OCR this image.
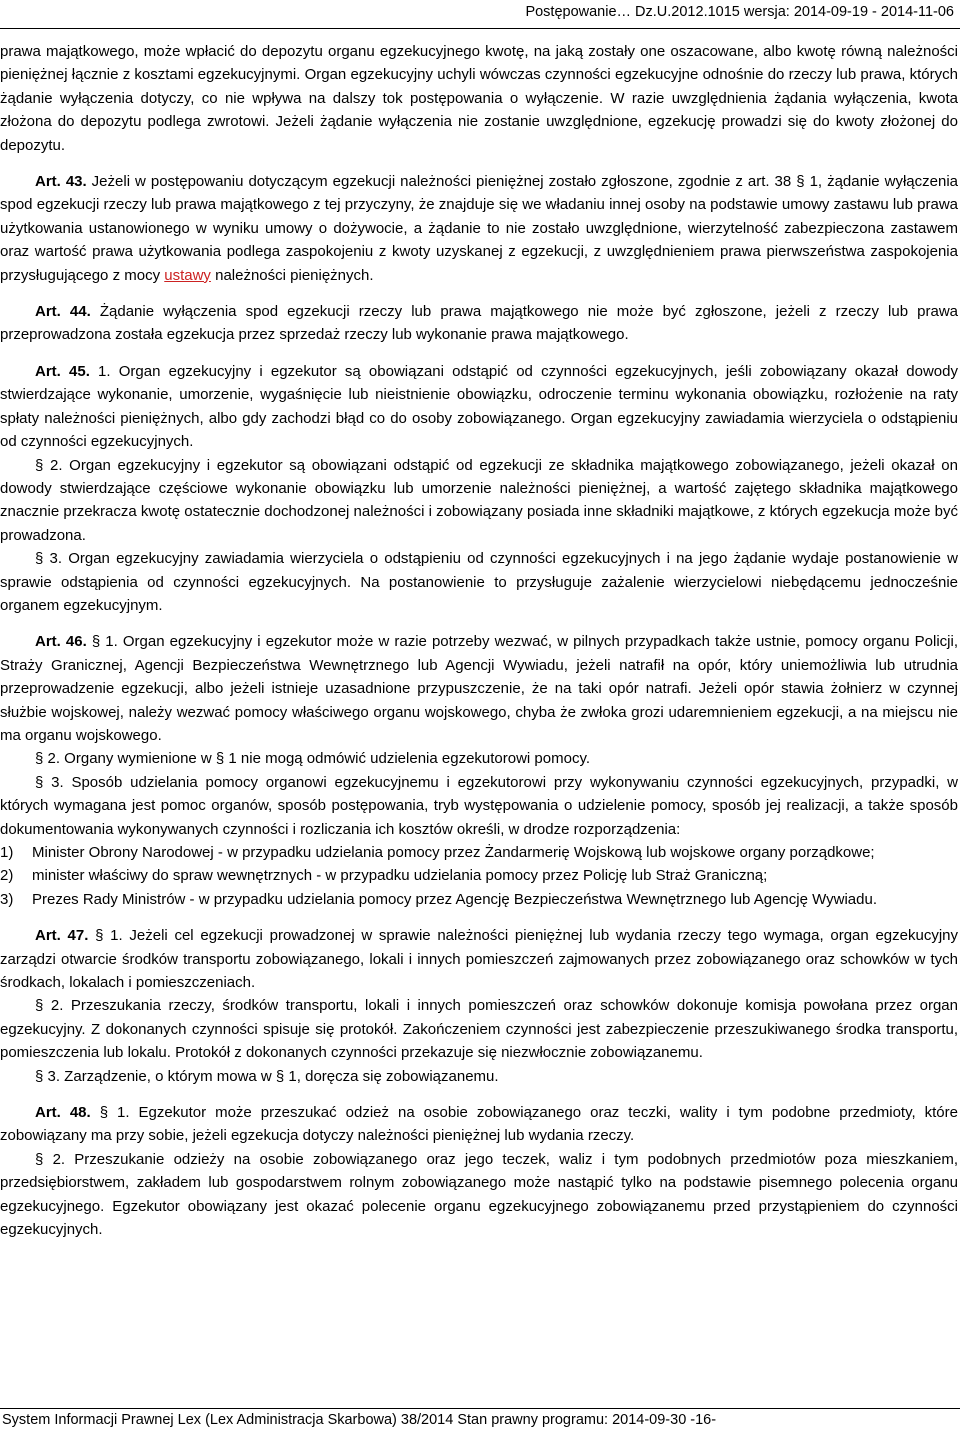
Postępowanie… Dz.U.2012.1015 wersja: 2014-09-19 - 2014-11-06

prawa majątkowego, może wpłacić do depozytu organu egzekucyjnego kwotę, na jaką zostały one oszacowane, albo kwotę równą należności pieniężnej łącznie z kosztami egzekucyjnymi. Organ egzekucyjny uchyli wówczas czynności egzekucyjne odnośnie do rzeczy lub prawa, których żądanie wyłączenia dotyczy, co nie wpływa na dalszy tok postępowania o wyłączenie. W razie uwzględnienia żądania wyłączenia, kwota złożona do depozytu podlega zwrotowi. Jeżeli żądanie wyłączenia nie zostanie uwzględnione, egzekucję prowadzi się do kwoty złożonej do depozytu.

Art. 43. Jeżeli w postępowaniu dotyczącym egzekucji należności pieniężnej zostało zgłoszone, zgodnie z art. 38 § 1, żądanie wyłączenia spod egzekucji rzeczy lub prawa majątkowego z tej przyczyny, że znajduje się we władaniu innej osoby na podstawie umowy zastawu lub prawa użytkowania ustanowionego w wyniku umowy o dożywocie, a żądanie to nie zostało uwzględnione, wierzytelność zabezpieczona zastawem oraz wartość prawa użytkowania podlega zaspokojeniu z kwoty uzyskanej z egzekucji, z uwzględnieniem prawa pierwszeństwa zaspokojenia przysługującego z mocy ustawy należności pieniężnych.

Art. 44. Żądanie wyłączenia spod egzekucji rzeczy lub prawa majątkowego nie może być zgłoszone, jeżeli z rzeczy lub prawa przeprowadzona została egzekucja przez sprzedaż rzeczy lub wykonanie prawa majątkowego.

Art. 45. 1. Organ egzekucyjny i egzekutor są obowiązani odstąpić od czynności egzekucyjnych, jeśli zobowiązany okazał dowody stwierdzające wykonanie, umorzenie, wygaśnięcie lub nieistnienie obowiązku, odroczenie terminu wykonania obowiązku, rozłożenie na raty spłaty należności pieniężnych, albo gdy zachodzi błąd co do osoby zobowiązanego. Organ egzekucyjny zawiadamia wierzyciela o odstąpieniu od czynności egzekucyjnych.

§ 2. Organ egzekucyjny i egzekutor są obowiązani odstąpić od egzekucji ze składnika majątkowego zobowiązanego, jeżeli okazał on dowody stwierdzające częściowe wykonanie obowiązku lub umorzenie należności pieniężnej, a wartość zajętego składnika majątkowego znacznie przekracza kwotę ostatecznie dochodzonej należności i zobowiązany posiada inne składniki majątkowe, z których egzekucja może być prowadzona.

§ 3. Organ egzekucyjny zawiadamia wierzyciela o odstąpieniu od czynności egzekucyjnych i na jego żądanie wydaje postanowienie w sprawie odstąpienia od czynności egzekucyjnych. Na postanowienie to przysługuje zażalenie wierzycielowi niebędącemu jednocześnie organem egzekucyjnym.

Art. 46. § 1. Organ egzekucyjny i egzekutor może w razie potrzeby wezwać, w pilnych przypadkach także ustnie, pomocy organu Policji, Straży Granicznej, Agencji Bezpieczeństwa Wewnętrznego lub Agencji Wywiadu, jeżeli natrafił na opór, który uniemożliwia lub utrudnia przeprowadzenie egzekucji, albo jeżeli istnieje uzasadnione przypuszczenie, że na taki opór natrafi. Jeżeli opór stawia żołnierz w czynnej służbie wojskowej, należy wezwać pomocy właściwego organu wojskowego, chyba że zwłoka grozi udaremnieniem egzekucji, a na miejscu nie ma organu wojskowego.

§ 2. Organy wymienione w § 1 nie mogą odmówić udzielenia egzekutorowi pomocy.

§ 3. Sposób udzielania pomocy organowi egzekucyjnemu i egzekutorowi przy wykonywaniu czynności egzekucyjnych, przypadki, w których wymagana jest pomoc organów, sposób postępowania, tryb występowania o udzielenie pomocy, sposób jej realizacji, a także sposób dokumentowania wykonywanych czynności i rozliczania ich kosztów określi, w drodze rozporządzenia:

1)	Minister Obrony Narodowej - w przypadku udzielania pomocy przez Żandarmerię Wojskową lub wojskowe organy porządkowe;
2)	minister właściwy do spraw wewnętrznych - w przypadku udzielania pomocy przez Policję lub Straż Graniczną;
3)	Prezes Rady Ministrów - w przypadku udzielania pomocy przez Agencję Bezpieczeństwa Wewnętrznego lub Agencję Wywiadu.

Art. 47. § 1. Jeżeli cel egzekucji prowadzonej w sprawie należności pieniężnej lub wydania rzeczy tego wymaga, organ egzekucyjny zarządzi otwarcie środków transportu zobowiązanego, lokali i innych pomieszczeń zajmowanych przez zobowiązanego oraz schowków w tych środkach, lokalach i pomieszczeniach.

§ 2. Przeszukania rzeczy, środków transportu, lokali i innych pomieszczeń oraz schowków dokonuje komisja powołana przez organ egzekucyjny. Z dokonanych czynności spisuje się protokół. Zakończeniem czynności jest zabezpieczenie przeszukiwanego środka transportu, pomieszczenia lub lokalu. Protokół z dokonanych czynności przekazuje się niezwłocznie zobowiązanemu.

§ 3. Zarządzenie, o którym mowa w § 1, doręcza się zobowiązanemu.

Art. 48. § 1. Egzekutor może przeszukać odzież na osobie zobowiązanego oraz teczki, wality i tym podobne przedmioty, które zobowiązany ma przy sobie, jeżeli egzekucja dotyczy należności pieniężnej lub wydania rzeczy.

§ 2. Przeszukanie odzieży na osobie zobowiązanego oraz jego teczek, waliz i tym podobnych przedmiotów poza mieszkaniem, przedsiębiorstwem, zakładem lub gospodarstwem rolnym zobowiązanego może nastąpić tylko na podstawie pisemnego polecenia organu egzekucyjnego. Egzekutor obowiązany jest okazać polecenie organu egzekucyjnego zobowiązanemu przed przystąpieniem do czynności egzekucyjnych.

System Informacji Prawnej Lex (Lex Administracja Skarbowa) 38/2014 Stan prawny programu: 2014-09-30 -16-
